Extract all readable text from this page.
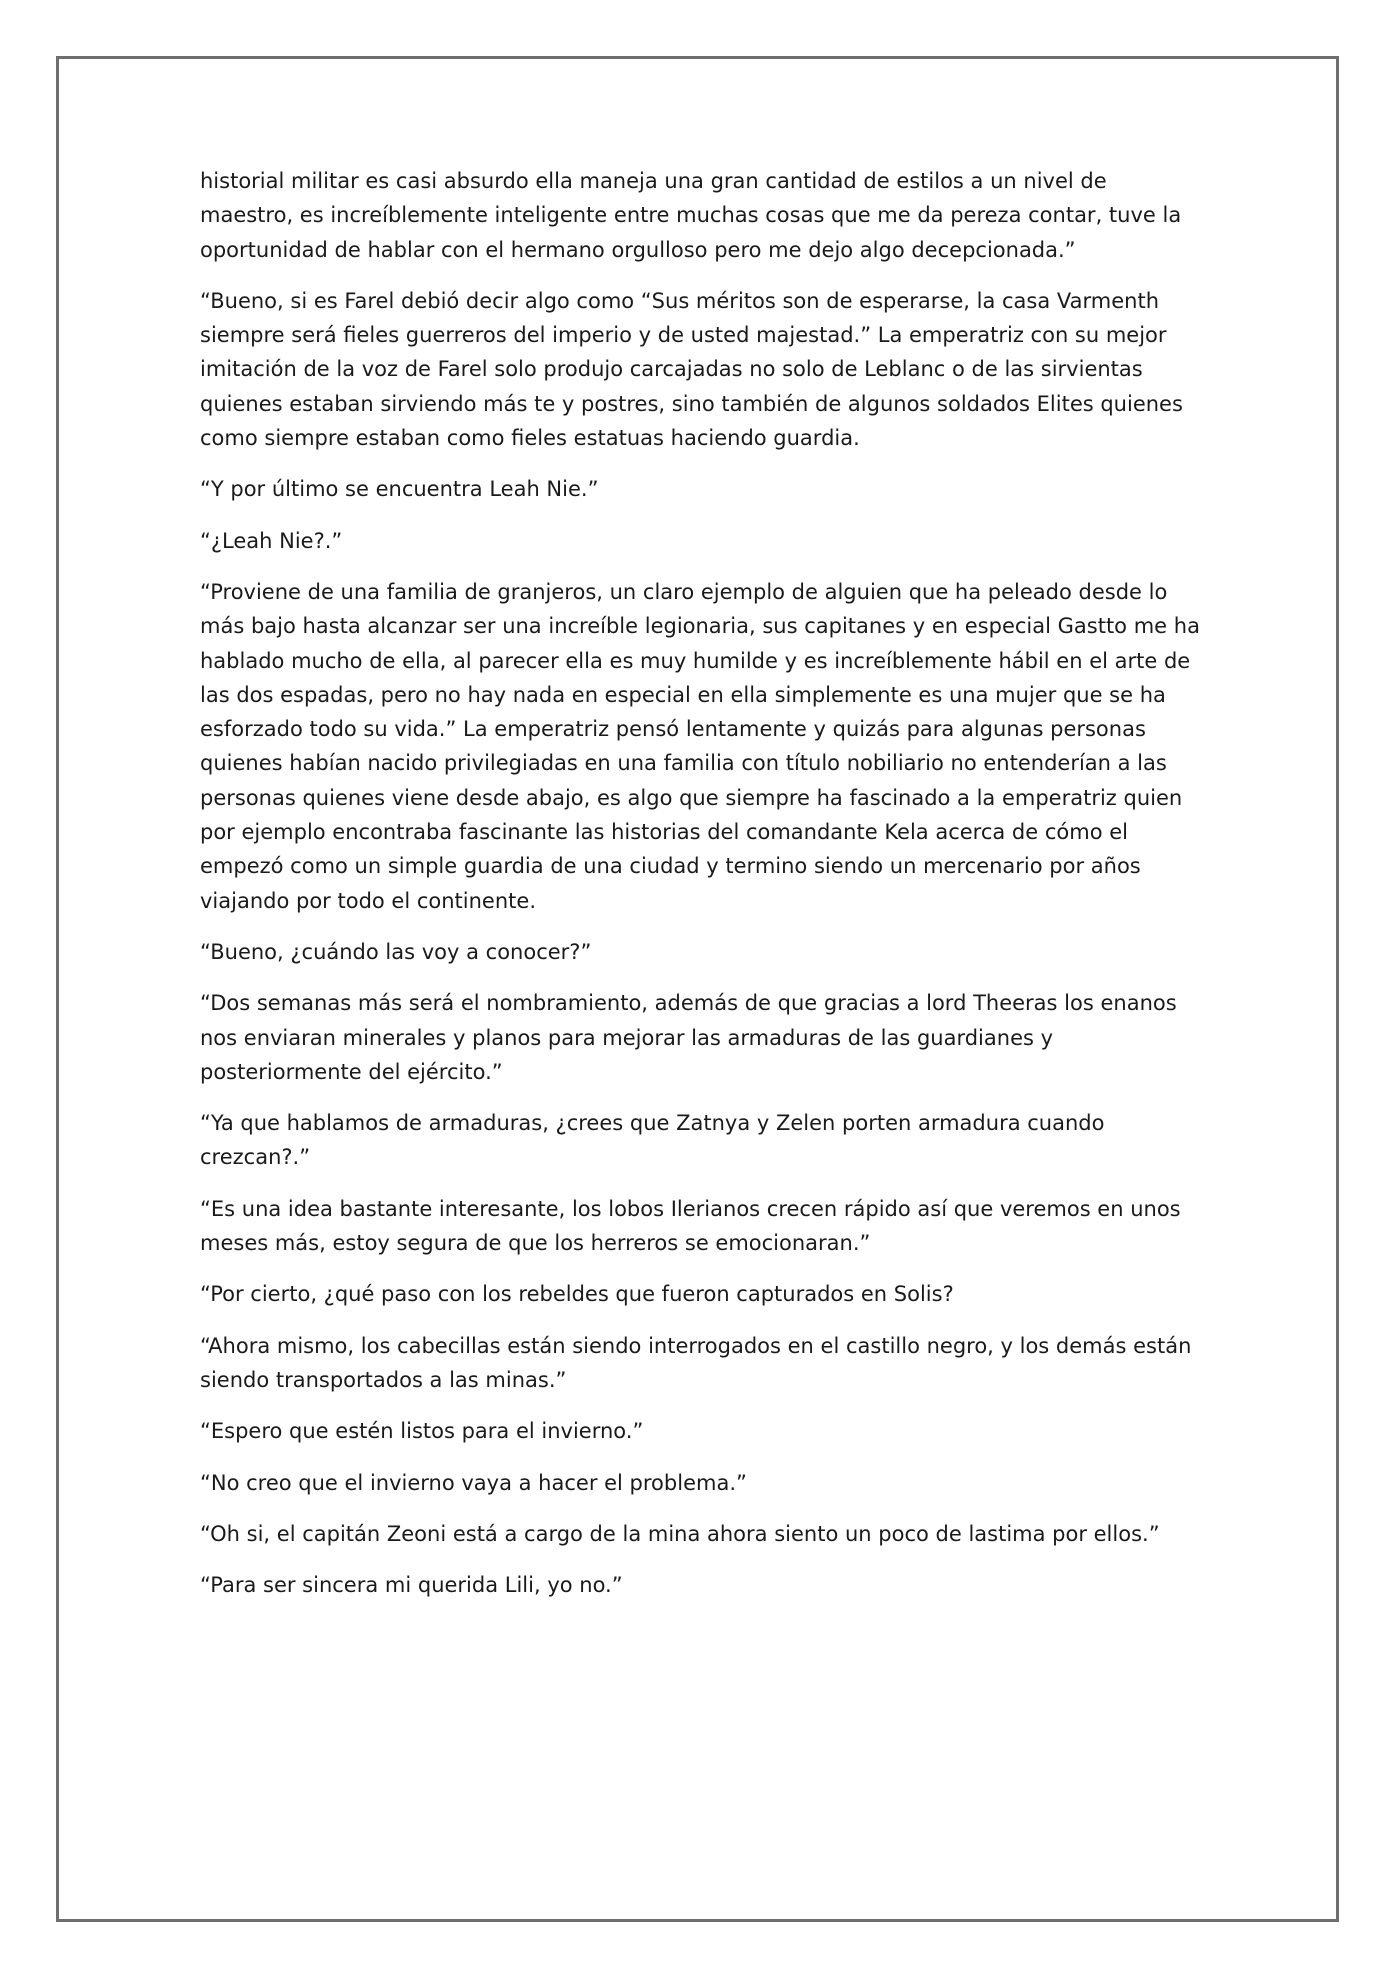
historial militar es casi absurdo ella maneja una gran cantidad de estilos a un nivel de maestro, es increíblemente inteligente entre muchas cosas que me da pereza contar, tuve la oportunidad de hablar con el hermano orgulloso pero me dejo algo decepcionada.”

“Bueno, si es Farel debió decir algo como “Sus méritos son de esperarse, la casa Varmenth siempre será fieles guerreros del imperio y de usted majestad.” La emperatriz con su mejor imitación de la voz de Farel solo produjo carcajadas no solo de Leblanc o de las sirvientas quienes estaban sirviendo más te y postres, sino también de algunos soldados Elites quienes como siempre estaban como fieles estatuas haciendo guardia.

“Y por último se encuentra Leah Nie.”

“¿Leah Nie?.”

“Proviene de una familia de granjeros, un claro ejemplo de alguien que ha peleado desde lo más bajo hasta alcanzar ser una increíble legionaria, sus capitanes y en especial Gastto me ha hablado mucho de ella, al parecer ella es muy humilde y es increíblemente hábil en el arte de las dos espadas, pero no hay nada en especial en ella simplemente es una mujer que se ha esforzado todo su vida.” La emperatriz pensó lentamente y quizás para algunas personas quienes habían nacido privilegiadas en una familia con título nobiliario no entenderían a las personas quienes viene desde abajo, es algo que siempre ha fascinado a la emperatriz quien por ejemplo encontraba fascinante las historias del comandante Kela acerca de cómo el empezó como un simple guardia de una ciudad y termino siendo un mercenario por años viajando por todo el continente.

“Bueno, ¿cuándo las voy a conocer?”

“Dos semanas más será el nombramiento, además de que gracias a lord Theeras los enanos nos enviaran minerales y planos para mejorar las armaduras de las guardianes y posteriormente del ejército.”

“Ya que hablamos de armaduras, ¿crees que Zatnya y Zelen porten armadura cuando crezcan?.”

“Es una idea bastante interesante, los lobos Ilerianos crecen rápido así que veremos en unos meses más, estoy segura de que los herreros se emocionaran.”

“Por cierto, ¿qué paso con los rebeldes que fueron capturados en Solis?

“Ahora mismo, los cabecillas están siendo interrogados en el castillo negro, y los demás están siendo transportados a las minas.”

“Espero que estén listos para el invierno.”

“No creo que el invierno vaya a hacer el problema.”

“Oh si, el capitán Zeoni está a cargo de la mina ahora siento un poco de lastima por ellos.”

“Para ser sincera mi querida Lili, yo no.”
